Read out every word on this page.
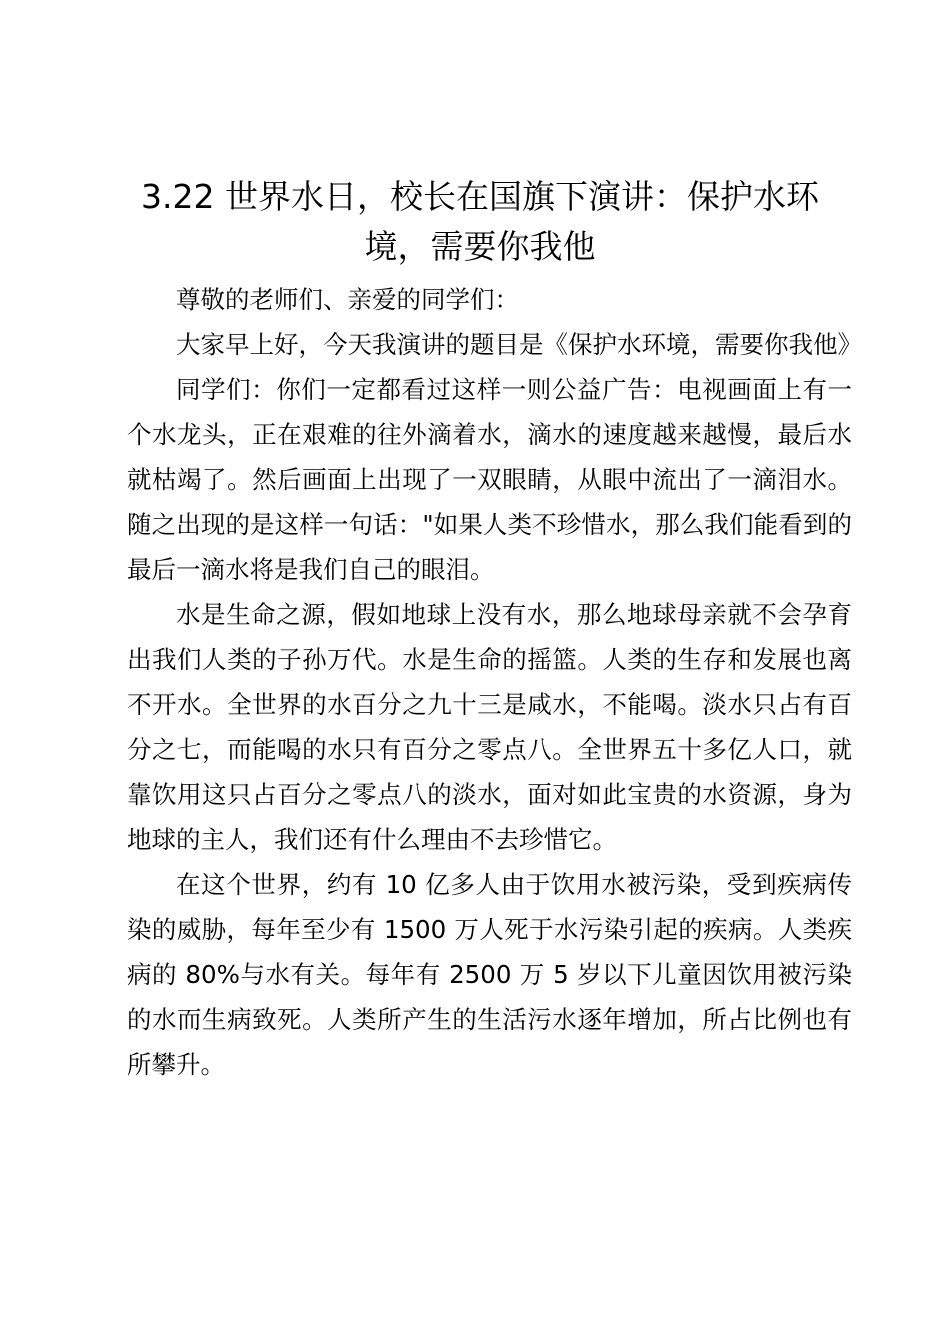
3.22 世界水日，校长在国旗下演讲：保护水环境，需要你我他

尊敬的老师们、亲爱的同学们：

大家早上好，今天我演讲的题目是《保护水环境，需要你我他》

同学们：你们一定都看过这样一则公益广告：电视画面上有一个水龙头，正在艰难的往外滴着水，滴水的速度越来越慢，最后水就枯竭了。然后画面上出现了一双眼睛，从眼中流出了一滴泪水。随之出现的是这样一句话："如果人类不珍惜水，那么我们能看到的最后一滴水将是我们自己的眼泪。

水是生命之源，假如地球上没有水，那么地球母亲就不会孕育出我们人类的子孙万代。水是生命的摇篮。人类的生存和发展也离不开水。全世界的水百分之九十三是咸水，不能喝。淡水只占有百分之七，而能喝的水只有百分之零点八。全世界五十多亿人口，就靠饮用这只占百分之零点八的淡水，面对如此宝贵的水资源，身为地球的主人，我们还有什么理由不去珍惜它。

在这个世界，约有 10 亿多人由于饮用水被污染，受到疾病传染的威胁，每年至少有 1500 万人死于水污染引起的疾病。人类疾病的 80%与水有关。每年有 2500 万 5 岁以下儿童因饮用被污染的水而生病致死。人类所产生的生活污水逐年增加，所占比例也有所攀升。
